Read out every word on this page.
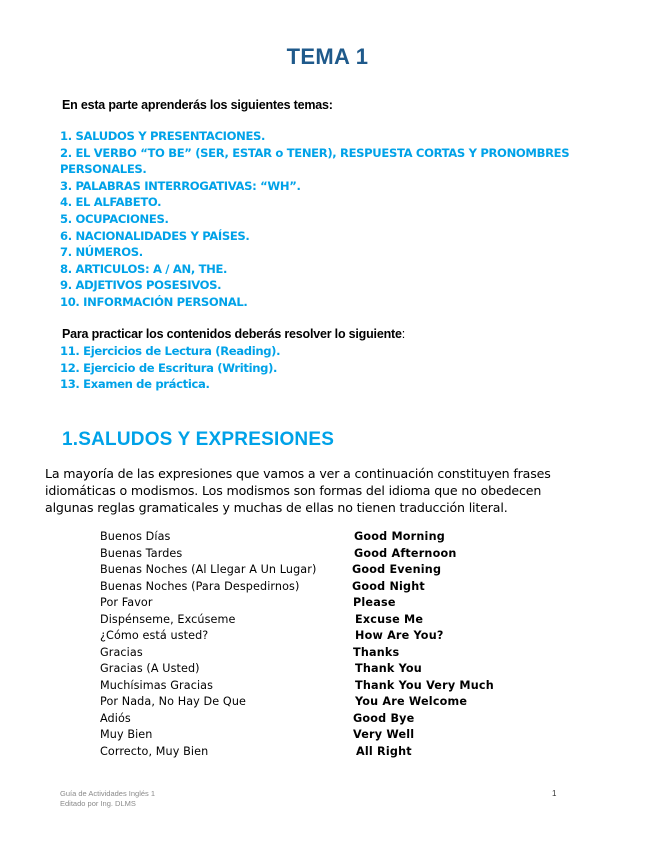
TEMA 1
En esta parte aprenderás los siguientes temas:
1. SALUDOS Y PRESENTACIONES.
2. EL VERBO “TO BE” (SER, ESTAR o TENER), RESPUESTA CORTAS Y PRONOMBRES
PERSONALES.
3. PALABRAS INTERROGATIVAS: “WH”.
4. EL ALFABETO.
5. OCUPACIONES.
6. NACIONALIDADES Y PAÍSES.
7. NÚMEROS.
8. ARTICULOS: A / AN, THE.
9. ADJETIVOS POSESIVOS.
10. INFORMACIÓN PERSONAL.
Para practicar los contenidos deberás resolver lo siguiente:
11. Ejercicios de Lectura (Reading).
12. Ejercicio de Escritura (Writing).
13. Examen de práctica.
1.SALUDOS Y EXPRESIONES

La mayoría de las expresiones que vamos a ver a continuación constituyen frases
idiomáticas o modismos. Los modismos son formas del idioma que no obedecen
algunas reglas gramaticales y muchas de ellas no tienen traducción literal.

Buenos Días	Good Morning
Buenas Tardes	Good Afternoon
Buenas Noches (Al Llegar A Un Lugar)	Good Evening
Buenas Noches (Para Despedirnos)	Good Night
Por Favor	Please
Dispénseme, Excúseme	Excuse Me
¿Cómo está usted?	How Are You?
Gracias	Thanks
Gracias (A Usted)	Thank You
Muchísimas Gracias	Thank You Very Much
Por Nada, No Hay De Que	You Are Welcome
Adiós	Good Bye
Muy Bien	Very Well
Correcto, Muy Bien	All Right
Guía de Actividades Inglés 1
Editado por Ing. DLMS
1
